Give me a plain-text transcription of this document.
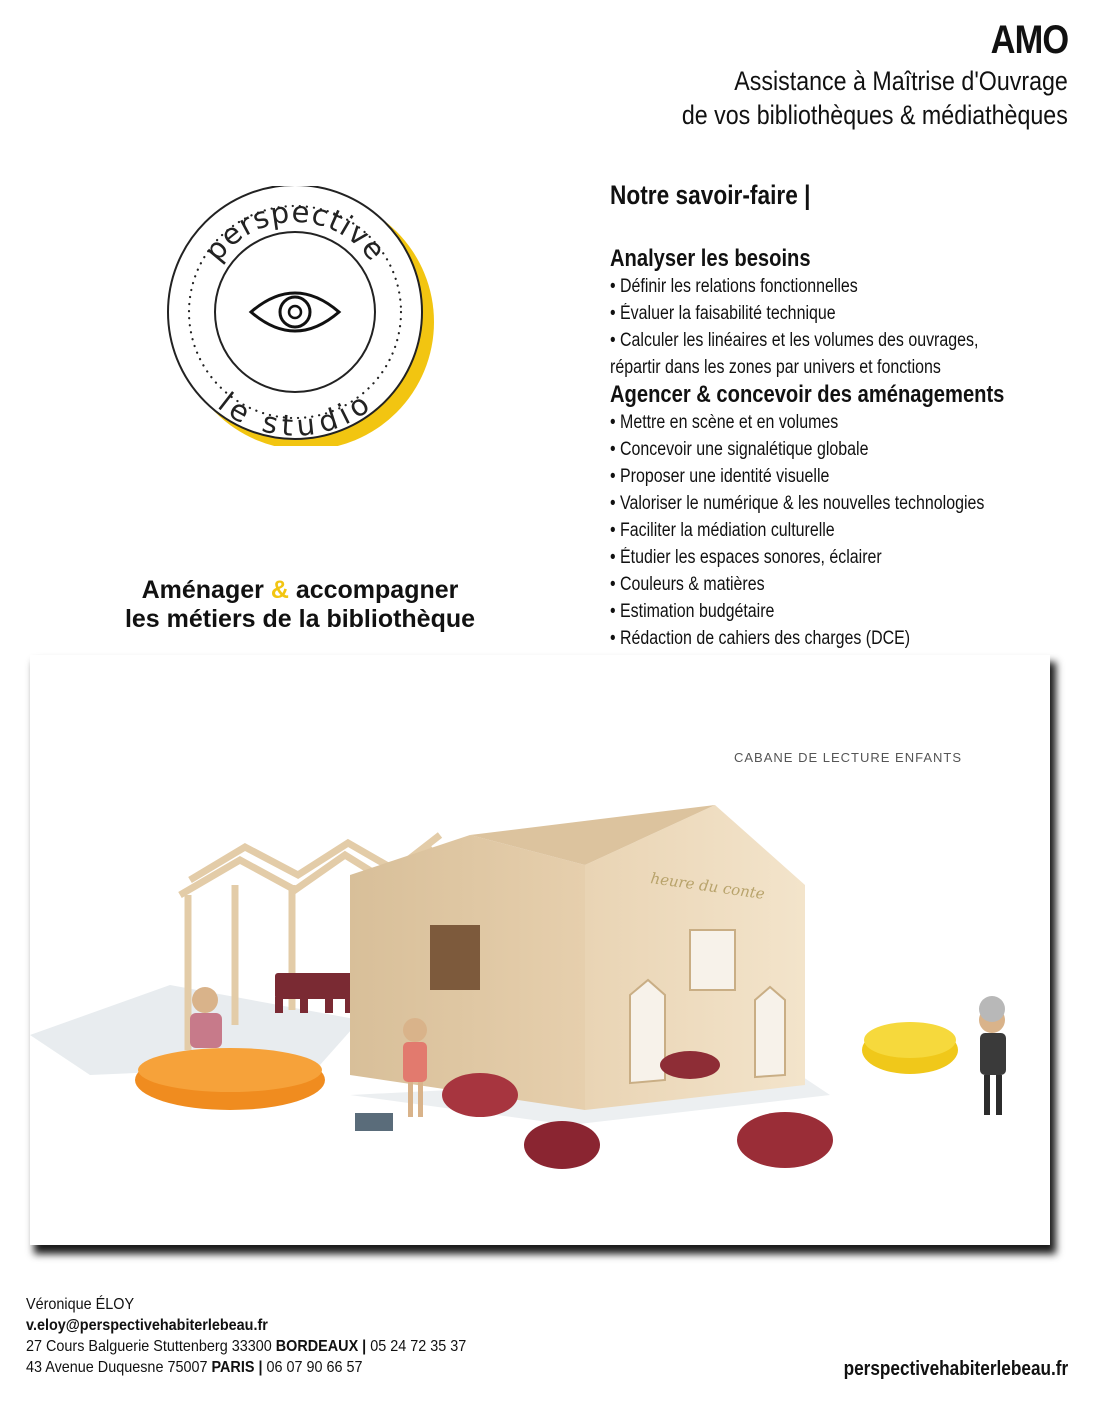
AMO
Assistance à Maîtrise d'Ouvrage
de vos bibliothèques & médiathèques
perspective
le studio
Aménager & accompagner
les métiers de la bibliothèque
Notre savoir-faire |
Analyser les besoins
• Définir les relations fonctionnelles
• Évaluer la faisabilité technique
• Calculer les linéaires et les volumes des ouvrages,
répartir dans les zones par univers et fonctions
Agencer & concevoir des aménagements
• Mettre en scène et en volumes
• Concevoir une signalétique globale
• Proposer une identité visuelle
• Valoriser le numérique & les nouvelles technologies
• Faciliter la médiation culturelle
• Étudier les espaces sonores, éclairer
• Couleurs & matières
• Estimation budgétaire
• Rédaction de cahiers des charges (DCE)
CABANE DE LECTURE ENFANTS
heure du conte
Véronique ÉLOY
v.eloy@perspectivehabiterlebeau.fr
27 Cours Balguerie Stuttenberg 33300 BORDEAUX | 05 24 72 35 37
43 Avenue Duquesne 75007 PARIS | 06 07 90 66 57	perspectivehabiterlebeau.fr
